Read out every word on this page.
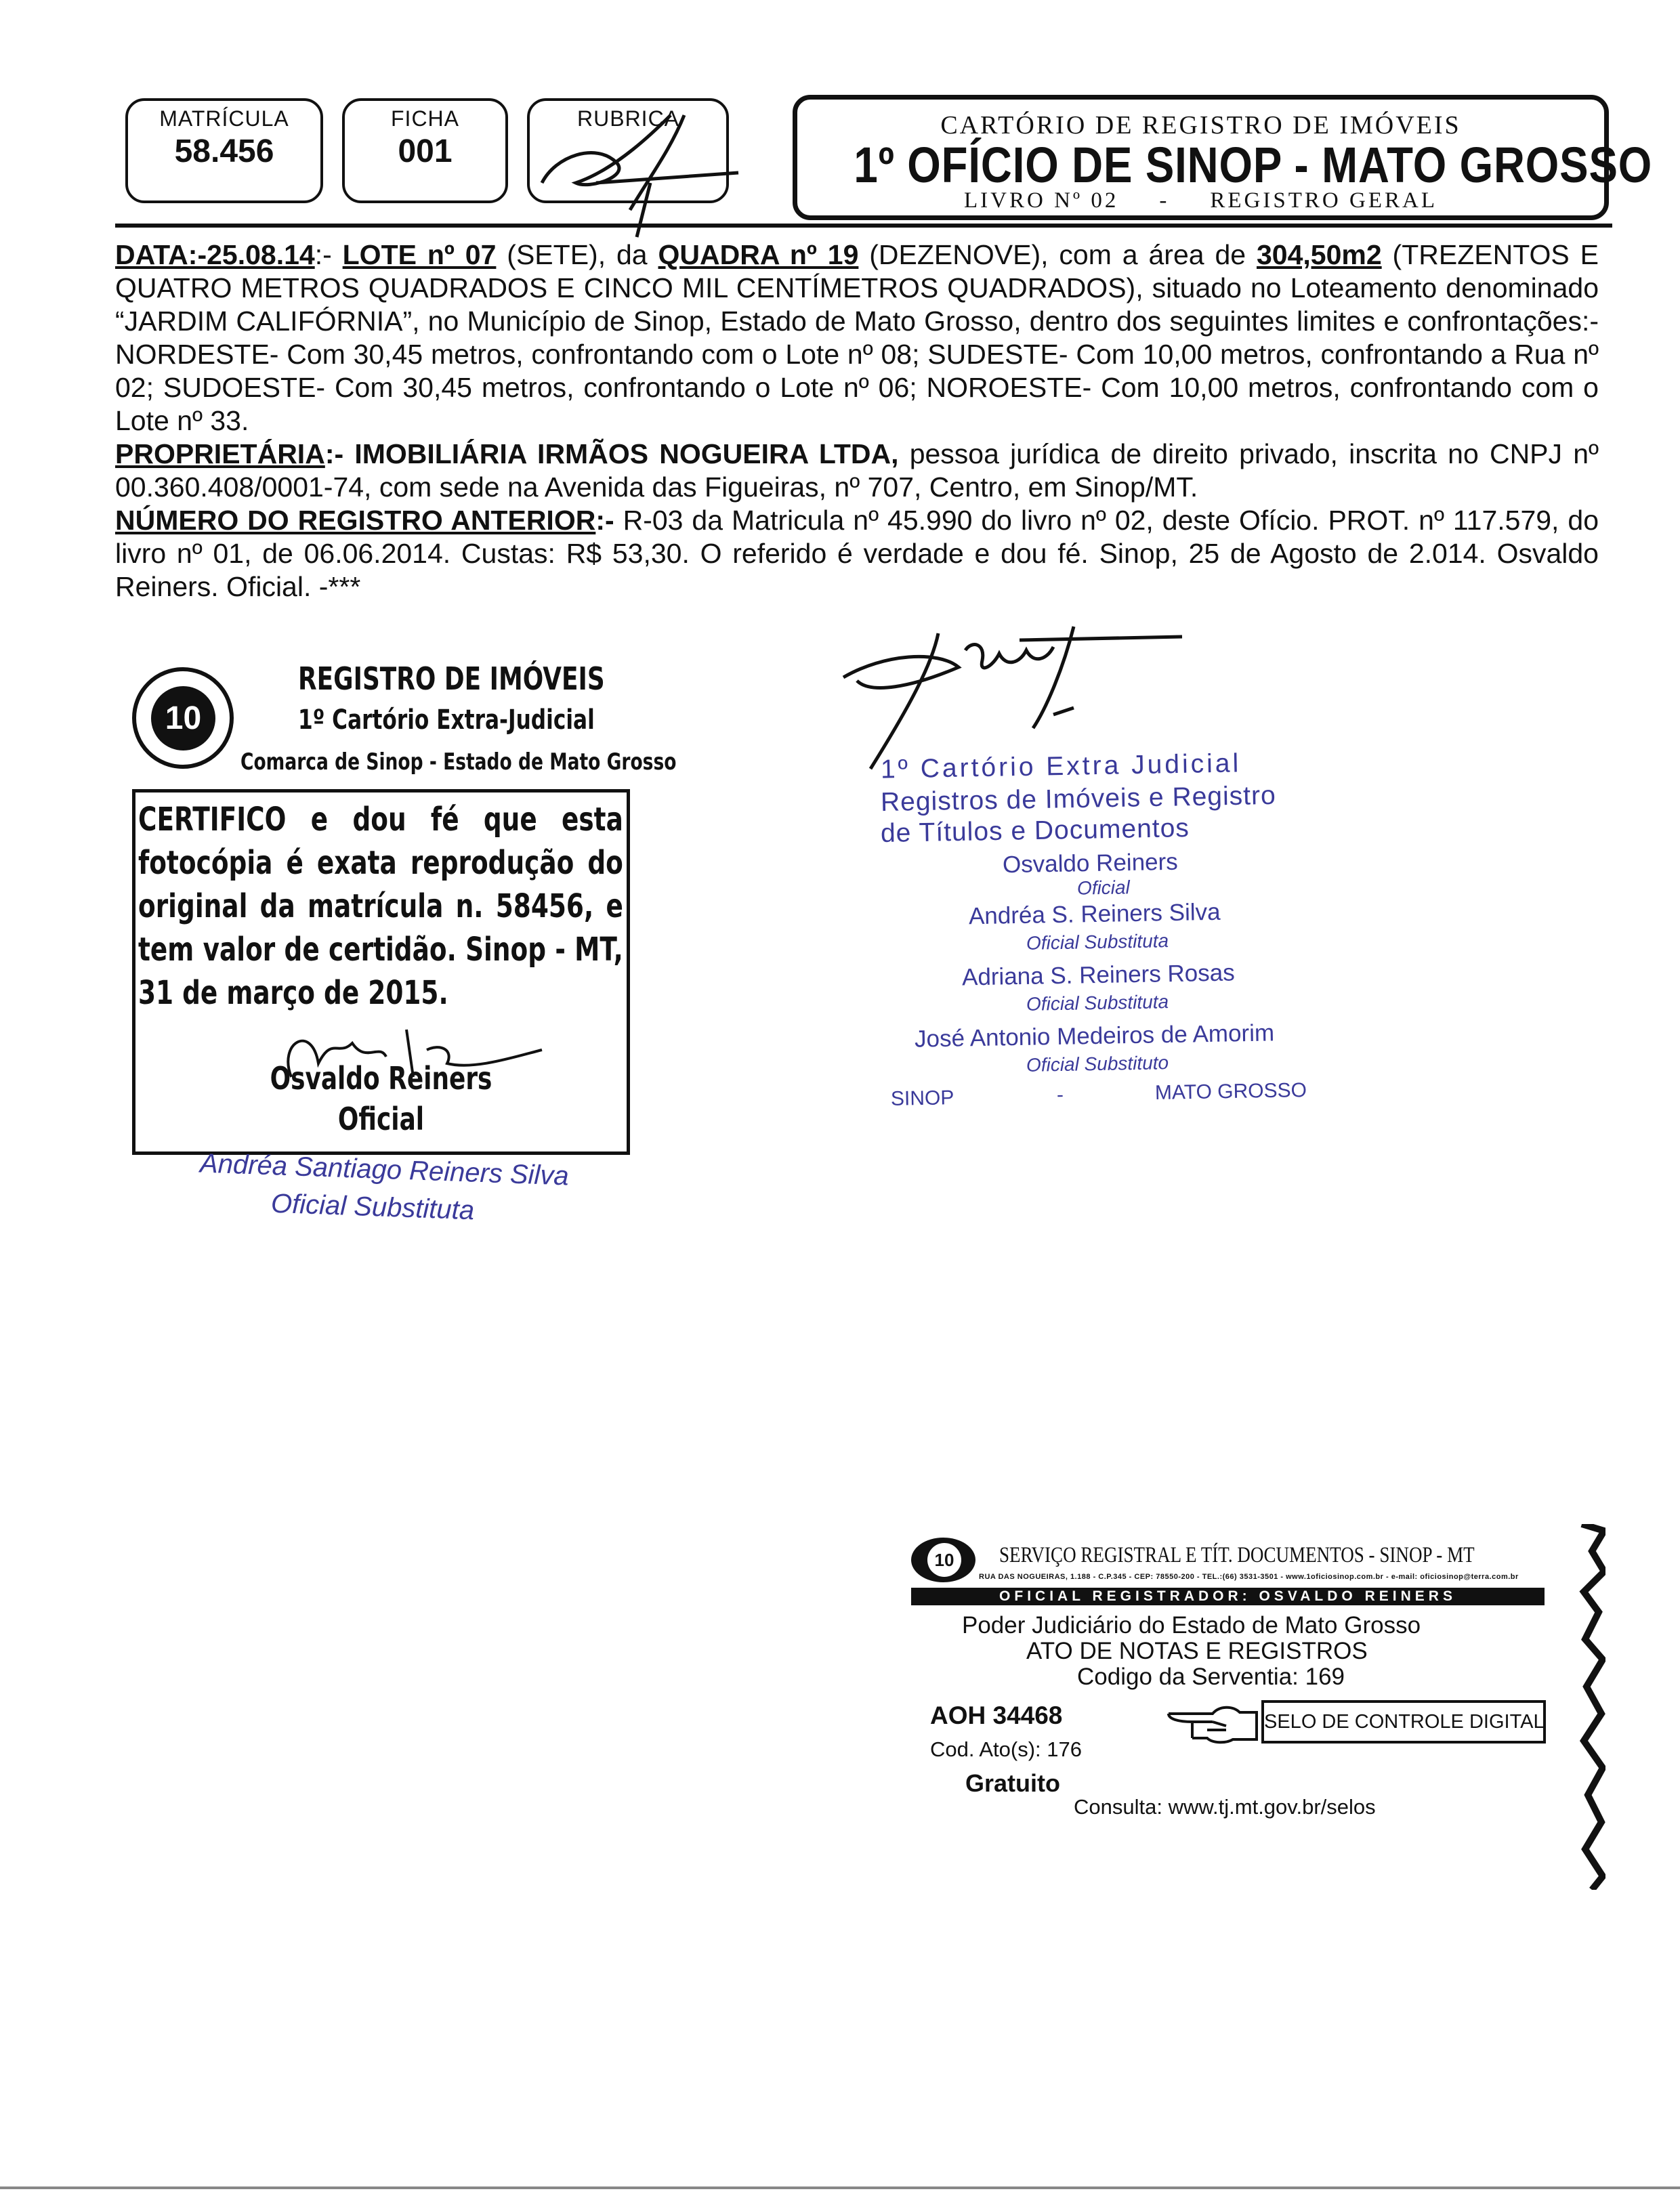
MATRÍCULA
58.456
FICHA
001
RUBRICA	CARTÓRIO DE REGISTRO DE IMÓVEIS
1º OFÍCIO DE SINOP - MATO GROSSO
LIVRO Nº 02 - REGISTRO GERAL

DATA:-25.08.14:- LOTE nº 07 (SETE), da QUADRA nº 19 (DEZENOVE), com a área de 304,50m2 (TREZENTOS E QUATRO METROS QUADRADOS E CINCO MIL CENTÍMETROS QUADRADOS), situado no Loteamento denominado “JARDIM CALIFÓRNIA”, no Município de Sinop, Estado de Mato Grosso, dentro dos seguintes limites e confrontações:- NORDESTE- Com 30,45 metros, confrontando com o Lote nº 08; SUDESTE- Com 10,00 metros, confrontando a Rua nº 02; SUDOESTE- Com 30,45 metros, confrontando o Lote nº 06; NOROESTE- Com 10,00 metros, confrontando com o Lote nº 33.

PROPRIETÁRIA:- IMOBILIÁRIA IRMÃOS NOGUEIRA LTDA, pessoa jurídica de direito privado, inscrita no CNPJ nº 00.360.408/0001-74, com sede na Avenida das Figueiras, nº 707, Centro, em Sinop/MT.

NÚMERO DO REGISTRO ANTERIOR:- R-03 da Matricula nº 45.990 do livro nº 02, deste Ofício. PROT. nº 117.579, do livro nº 01, de 06.06.2014. Custas: R$ 53,30. O referido é verdade e dou fé. Sinop, 25 de Agosto de 2.014. Osvaldo Reiners. Oficial. -***

10
REGISTRO DE IMÓVEIS
1º Cartório Extra-Judicial
Comarca de Sinop - Estado de Mato Grosso
CERTIFICO e dou fé que esta fotocópia é exata reprodução do original da matrícula n. 58456, e tem valor de certidão. Sinop - MT, 31 de março de 2015.
Osvaldo Reiners
Oficial
Andréa Santiago Reiners Silva
Oficial Substituta
1º Cartório Extra Judicial
Registros de Imóveis e Registro
de Títulos e Documentos
Osvaldo Reiners
Oficial
Andréa S. Reiners Silva
Oficial Substituta
Adriana S. Reiners Rosas
Oficial Substituta
José Antonio Medeiros de Amorim
Oficial Substituto
SINOP	-	MATO GROSSO
10	SERVIÇO REGISTRAL E TÍT. DOCUMENTOS - SINOP - MT
RUA DAS NOGUEIRAS, 1.188 - C.P.345 - CEP: 78550-200 - TEL.:(66) 3531-3501 - www.1oficiosinop.com.br - e-mail: oficiosinop@terra.com.br
OFICIAL REGISTRADOR: OSVALDO REINERS
Poder Judiciário do Estado de Mato Grosso
ATO DE NOTAS E REGISTROS
Codigo da Serventia: 169
AOH 34468	SELO DE CONTROLE DIGITAL
Cod. Ato(s): 176
Gratuito
Consulta: www.tj.mt.gov.br/selos
